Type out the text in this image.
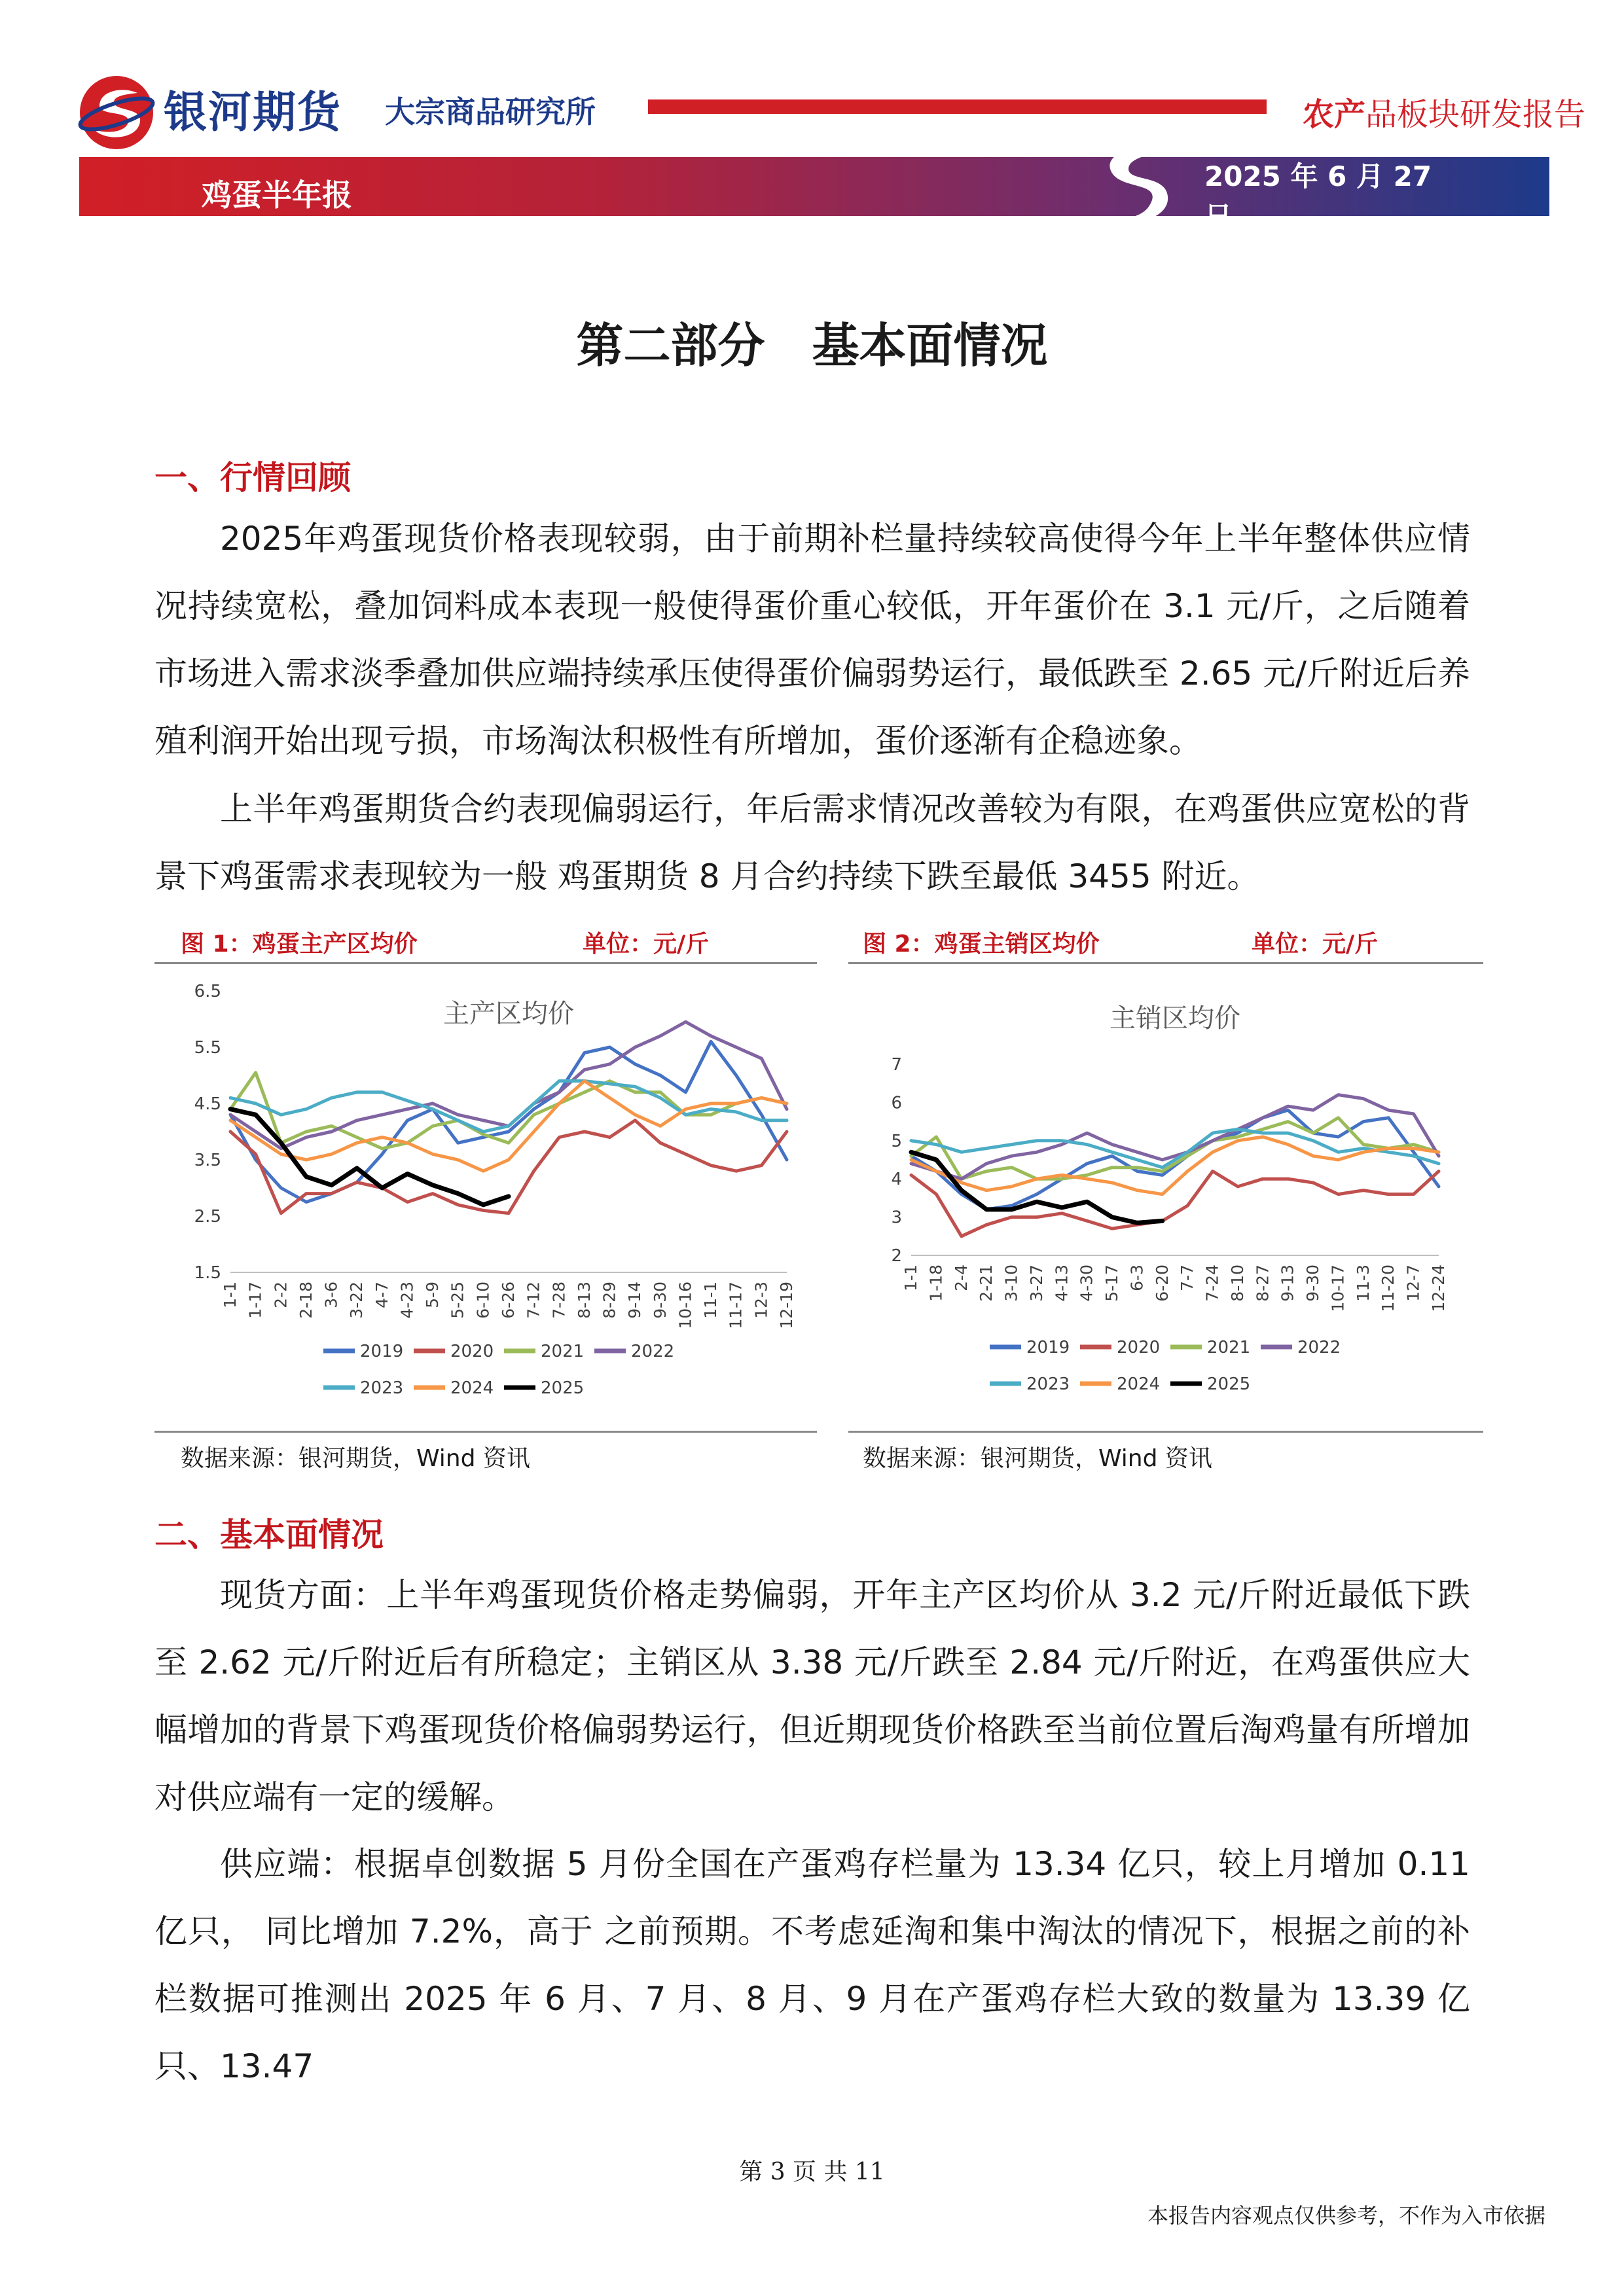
银河期货 大宗商品研究所	农产品板块研发报告
鸡蛋半年报
2025 年 6 月 27 日
第二部分　基本面情况
一、行情回顾
2025年鸡蛋现货价格表现较弱，由于前期补栏量持续较高使得今年上半年整体供应情况持续宽松，叠加饲料成本表现一般使得蛋价重心较低，开年蛋价在 3.1 元/斤，之后随着市场进入需求淡季叠加供应端持续承压使得蛋价偏弱势运行，最低跌至 2.65 元/斤附近后养殖利润开始出现亏损，市场淘汰积极性有所增加，蛋价逐渐有企稳迹象。
上半年鸡蛋期货合约表现偏弱运行，年后需求情况改善较为有限，在鸡蛋供应宽松的背景下鸡蛋需求表现较为一般 鸡蛋期货 8 月合约持续下跌至最低 3455 附近。
图 1：鸡蛋主产区均价	单位：元/斤
主产区均价
6.5
5.5
4.5
3.5
2.5
1.5
1-1 1-17 2-2 2-18 3-6 3-22 4-7 4-23 5-9 5-25 6-10 6-26 7-12 7-28 8-13 8-29 9-14 9-30 10-16 11-1 11-17 12-3 12-19
2019	2020	2021	2022
2023	2024	2025
数据来源：银河期货，Wind 资讯
图 2：鸡蛋主销区均价	单位：元/斤
主销区均价
7
6
5
4
3
2
1-1 1-18 2-4 2-21 3-10 3-27 4-13 4-30 5-17 6-3 6-20 7-7 7-24 8-10 8-27 9-13 9-30 10-17 11-3 11-20 12-7 12-24
2019	2020	2021	2022
2023	2024	2025
数据来源：银河期货，Wind 资讯
二、基本面情况
现货方面：上半年鸡蛋现货价格走势偏弱，开年主产区均价从 3.2 元/斤附近最低下跌至 2.62 元/斤附近后有所稳定；主销区从 3.38 元/斤跌至 2.84 元/斤附近，在鸡蛋供应大幅增加的背景下鸡蛋现货价格偏弱势运行，但近期现货价格跌至当前位置后淘鸡量有所增加对供应端有一定的缓解。
供应端：根据卓创数据 5 月份全国在产蛋鸡存栏量为 13.34 亿只，较上月增加 0.11 亿只， 同比增加 7.2%，高于 之前预期。不考虑延淘和集中淘汰的情况下，根据之前的补栏数据可推测出 2025 年 6 月、7 月、8 月、9 月在产蛋鸡存栏大致的数量为 13.39 亿只、13.47
第 3 页 共 11
本报告内容观点仅供参考，不作为入市依据
